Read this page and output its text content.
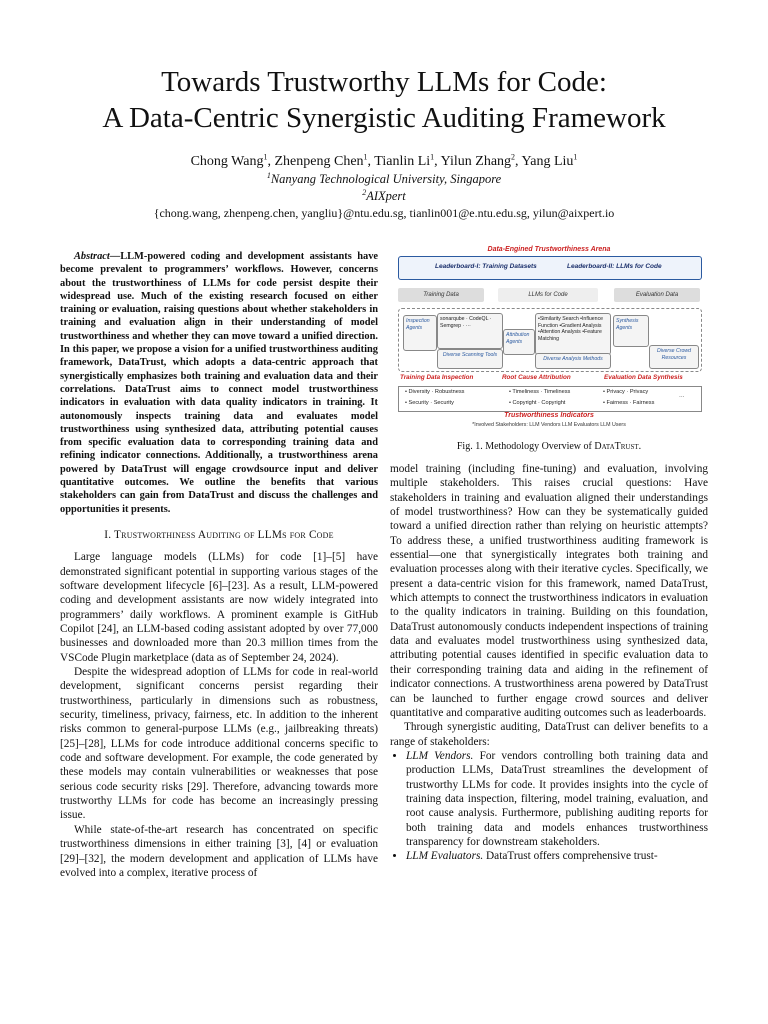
Towards Trustworthy LLMs for Code:
A Data-Centric Synergistic Auditing Framework
Chong Wang$^1$, Zhenpeng Chen$^1$, Tianlin Li$^1$, Yilun Zhang$^2$, Yang Liu$^1$
$^1$Nanyang Technological University, Singapore
$^2$AIXpert
{chong.wang, zhenpeng.chen, yangliu}@ntu.edu.sg, tianlin001@e.ntu.edu.sg, yilun@aixpert.io

Abstract—LLM-powered coding and development assistants have become prevalent to programmers’ workflows. However, concerns about the trustworthiness of LLMs for code persist despite their widespread use. Much of the existing research focused on either training or evaluation, raising questions about whether stakeholders in training and evaluation align in their understanding of model trustworthiness and whether they can move toward a unified direction. In this paper, we propose a vision for a unified trustworthiness auditing framework, DataTrust, which adopts a data-centric approach that synergistically emphasizes both training and evaluation data and their correlations. DataTrust aims to connect model trustworthiness indicators in evaluation with data quality indicators in training. It autonomously inspects training data and evaluates model trustworthiness using synthesized data, attributing potential causes from specific evaluation data to corresponding training data and refining indicator connections. Additionally, a trustworthiness arena powered by DataTrust will engage crowdsource input and deliver quantitative outcomes. We outline the benefits that various stakeholders can gain from DataTrust and discuss the challenges and opportunities it presents.

I. Trustworthiness Auditing of LLMs for Code

Large language models (LLMs) for code [1]–[5] have demonstrated significant potential in supporting various stages of the software development lifecycle [6]–[23]. As a result, LLM-powered coding and development assistants are now widely integrated into programmers’ daily workflows. A prominent example is GitHub Copilot [24], an LLM-based coding assistant adopted by over 77,000 businesses and downloaded more than 20.3 million times from the VSCode Plugin marketplace (data as of September 24, 2024).

Despite the widespread adoption of LLMs for code in real-world development, significant concerns persist regarding their trustworthiness, particularly in dimensions such as robustness, security, timeliness, privacy, fairness, etc. In addition to the inherent risks common to general-purpose LLMs (e.g., jailbreaking threats) [25]–[28], LLMs for code introduce additional concerns specific to code and software development. For example, the code generated by these models may contain vulnerabilities or weaknesses that pose serious code security risks [29]. Therefore, advancing towards more trustworthy LLMs for code has become an increasingly pressing issue.

While state-of-the-art research has concentrated on specific trustworthiness dimensions in either training [3], [4] or evaluation [29]–[32], the modern development and application of LLMs have evolved into a complex, iterative process of

Data-Engined Trustworthiness Arena
Leaderboard-I: Training Datasets	Leaderboard-II: LLMs for Code
Training Data	LLMs for Code	Evaluation Data
Inspection Agents
sonarqube · CodeQL · Semgrep · ···
Diverse Scanning Tools
Attribution Agents
•Similarity Search •Influence Function •Gradient Analysis •Attention Analysis •Feature Matching
Diverse Analysis Methods
Synthesis Agents
Diverse Crowd Resources
Training Data Inspection	Root Cause Attribution	Evaluation Data Synthesis
• Diversity · Robustness
• Security · Security
• Timeliness · Timeliness
• Copyright · Copyright
• Privacy · Privacy
• Fairness · Fairness
···
Trustworthiness Indicators
*Involved Stakeholders: LLM Vendors LLM Evaluators LLM Users
Fig. 1. Methodology Overview of DataTrust.

model training (including fine-tuning) and evaluation, involving multiple stakeholders. This raises crucial questions: Have stakeholders in training and evaluation aligned their understandings of model trustworthiness? How can they be systematically guided toward a unified direction rather than relying on heuristic attempts? To address these, a unified trustworthiness auditing framework is essential—one that synergistically integrates both training and evaluation processes along with their iterative cycles. Specifically, we present a data-centric vision for this framework, named DataTrust, which attempts to connect the trustworthiness indicators in evaluation to the quality indicators in training. Building on this foundation, DataTrust autonomously conducts independent inspections of training data and evaluates model trustworthiness using synthesized data, attributing potential causes identified in specific evaluation data to their corresponding training data and aiding in the refinement of indicator connections. A trustworthiness arena powered by DataTrust can be launched to further engage crowd sources and deliver quantitative and comparative auditing outcomes such as leaderboards.

Through synergistic auditing, DataTrust can deliver benefits to a range of stakeholders:

• LLM Vendors. For vendors controlling both training data and production LLMs, DataTrust streamlines the development of trustworthy LLMs for code. It provides insights into the cycle of training data inspection, filtering, model training, evaluation, and root cause analysis. Furthermore, publishing auditing reports for both training data and models enhances trustworthiness transparency for downstream stakeholders.
• LLM Evaluators. DataTrust offers comprehensive trust-
